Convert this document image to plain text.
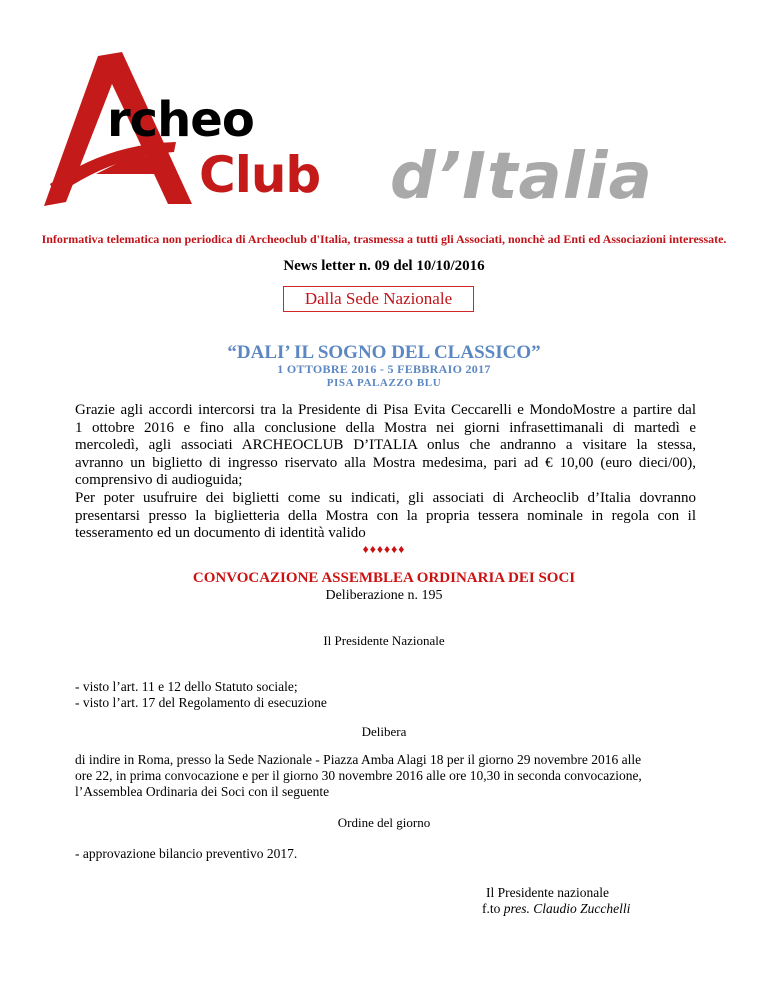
rcheo
Club d’Italia
Informativa telematica non periodica di Archeoclub d'Italia, trasmessa a tutti gli Associati, nonchè ad Enti ed Associazioni interessate.
News letter n. 09 del 10/10/2016
Dalla Sede Nazionale
“DALI’ IL SOGNO DEL CLASSICO”
1 OTTOBRE 2016 - 5 FEBBRAIO 2017
PISA PALAZZO BLU
Grazie agli accordi intercorsi tra la Presidente di Pisa Evita Ceccarelli e MondoMostre a partire dal
1 ottobre 2016 e fino alla conclusione della Mostra nei giorni infrasettimanali di martedì e
mercoledì, agli associati ARCHEOCLUB D’ITALIA onlus che andranno a visitare la stessa,
avranno un biglietto di ingresso riservato alla Mostra medesima, pari ad € 10,00 (euro dieci/00),
comprensivo di audioguida;
Per poter usufruire dei biglietti come su indicati, gli associati di Archeoclib d’Italia dovranno
presentarsi presso la biglietteria della Mostra con la propria tessera nominale in regola con il
tesseramento ed un documento di identità valido
♦♦♦♦♦♦
CONVOCAZIONE ASSEMBLEA ORDINARIA DEI SOCI
Deliberazione n. 195
Il Presidente Nazionale
- visto l’art. 11 e 12 dello Statuto sociale;
- visto l’art. 17 del Regolamento di esecuzione
Delibera
di indire in Roma, presso la Sede Nazionale - Piazza Amba Alagi 18 per il giorno 29 novembre 2016 alle
ore 22, in prima convocazione e per il giorno 30 novembre 2016 alle ore 10,30 in seconda convocazione,
l’Assemblea Ordinaria dei Soci con il seguente
Ordine del giorno
- approvazione bilancio preventivo 2017.
Il Presidente nazionale
f.to pres. Claudio Zucchelli
